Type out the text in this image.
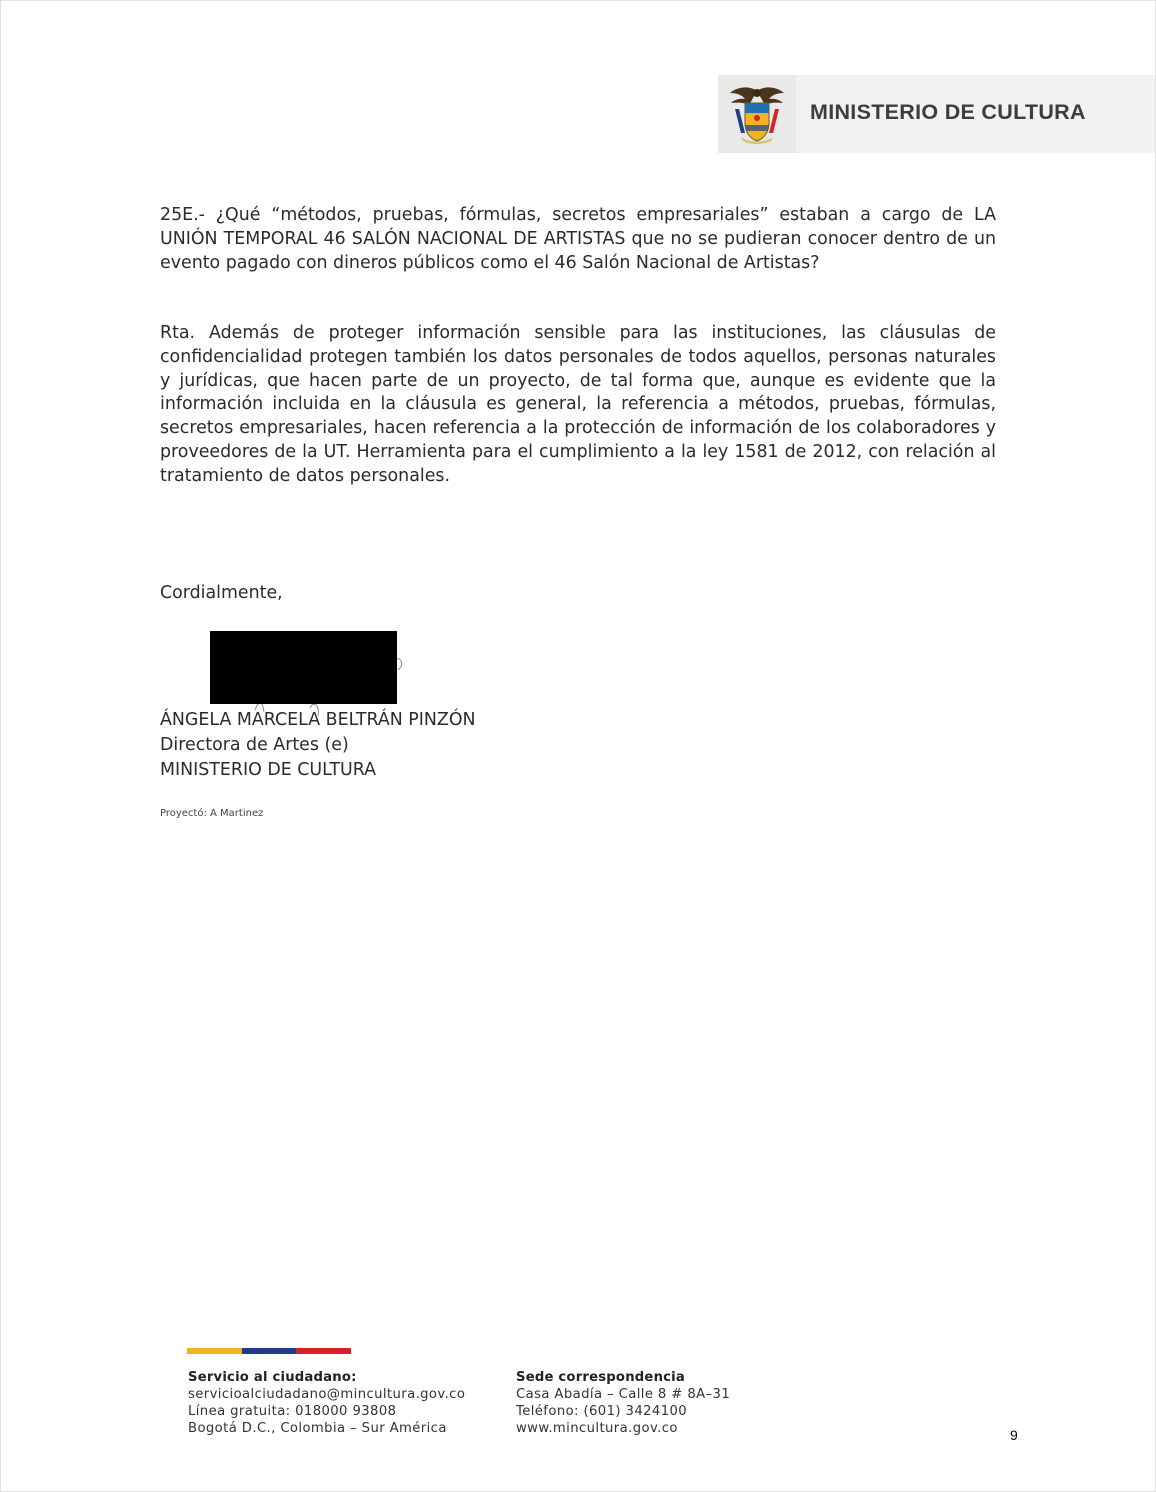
MINISTERIO DE CULTURA
25E.- ¿Qué “métodos, pruebas, fórmulas, secretos empresariales” estaban a cargo de LA UNIÓN TEMPORAL 46 SALÓN NACIONAL DE ARTISTAS que no se pudieran conocer dentro de un evento pagado con dineros públicos como el 46 Salón Nacional de Artistas?
Rta. Además de proteger información sensible para las instituciones, las cláusulas de confidencialidad protegen también los datos personales de todos aquellos, personas naturales y jurídicas, que hacen parte de un proyecto, de tal forma que, aunque es evidente que la información incluida en la cláusula es general, la referencia a métodos, pruebas, fórmulas, secretos empresariales, hacen referencia a la protección de información de los colaboradores y proveedores de la UT. Herramienta para el cumplimiento a la ley 1581 de 2012, con relación al tratamiento de datos personales.
Cordialmente,
ÁNGELA MARCELA BELTRÁN PINZÓN
Directora de Artes (e)
MINISTERIO DE CULTURA
Proyectó: A Martinez
Servicio al ciudadano:
servicioalciudadano@mincultura.gov.co
Línea gratuita: 018000 93808
Bogotá D.C., Colombia – Sur América
Sede correspondencia
Casa Abadía – Calle 8 # 8A–31
Teléfono: (601) 3424100
www.mincultura.gov.co	9
